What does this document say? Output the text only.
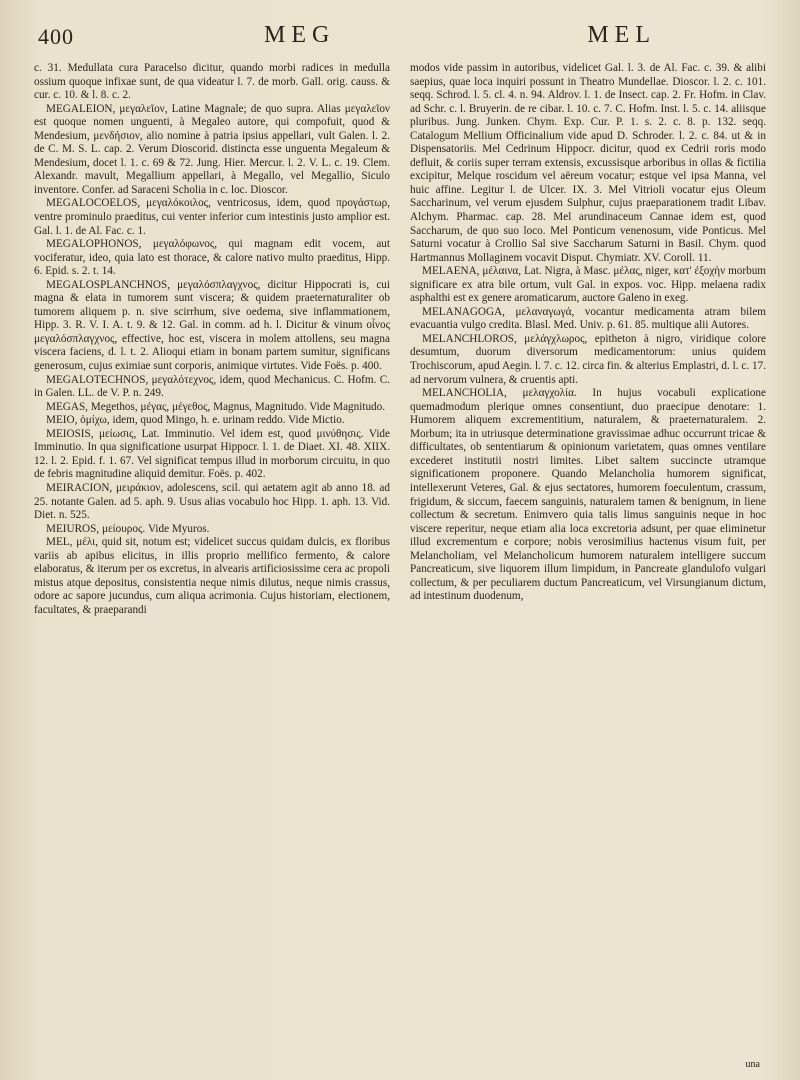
400	MEG	MEL

c. 31. Medullata cura Paracelso dicitur, quando morbi radices in medulla ossium quoque infixae sunt, de qua videatur l. 7. de morb. Gall. orig. causs. & cur. c. 10. & l. 8. c. 2.

MEGALEION, μεγαλεῖον, Latine Magnale; de quo supra. Alias μεγαλεῖον est quoque nomen unguenti, à Megaleo autore, qui compofuit, quod & Mendesium, μενδήσιον, alio nomine à patria ipsius appellari, vult Galen. l. 2. de C. M. S. L. cap. 2. Verum Dioscorid. distincta esse unguenta Megaleum & Mendesium, docet l. 1. c. 69 & 72. Jung. Hier. Mercur. l. 2. V. L. c. 19. Clem. Alexandr. mavult, Megallium appellari, à Megallo, vel Megallio, Siculo inventore. Confer. ad Saraceni Scholia in c. loc. Dioscor.

MEGALOCOELOS, μεγαλόκοιλος, ventricosus, idem, quod προγάστωρ, ventre prominulo praeditus, cui venter inferior cum intestinis justo amplior est. Gal. l. 1. de Al. Fac. c. 1.

MEGALOPHONOS, μεγαλόφωνος, qui magnam edit vocem, aut vociferatur, ideo, quia lato est thorace, & calore nativo multo praeditus, Hipp. 6. Epid. s. 2. t. 14.

MEGALOSPLANCHNOS, μεγαλόσπλαγχνος, dicitur Hippocrati is, cui magna & elata in tumorem sunt viscera; & quidem praeternaturaliter ob tumorem aliquem p. n. sive scirrhum, sive oedema, sive inflammationem, Hipp. 3. R. V. I. A. t. 9. & 12. Gal. in comm. ad h. l. Dicitur & vinum οἶνος μεγαλόσπλαγχνος, effective, hoc est, viscera in molem attollens, seu magna viscera faciens, d. l. t. 2. Alioqui etiam in bonam partem sumitur, significans generosum, cujus eximiae sunt corporis, animique virtutes. Vide Foës. p. 400.

MEGALOTECHNOS, μεγαλότεχνος, idem, quod Mechanicus. C. Hofm. C. in Galen. LL. de V. P. n. 249.

MEGAS, Megethos, μέγας, μέγεθος, Magnus, Magnitudo. Vide Magnitudo.

MEIO, ὀμίχω, idem, quod Mingo, h. e. urinam reddo. Vide Mictio.

MEIOSIS, μείωσις, Lat. Imminutio. Vel idem est, quod μινύθησις. Vide Imminutio. In qua significatione usurpat Hippocr. l. 1. de Diaet. XI. 48. XIIX. 12. l. 2. Epid. f. 1. 67. Vel significat tempus illud in morborum circuitu, in quo de febris magnitudine aliquid demitur. Foës. p. 402.

MEIRACION, μειράκιον, adolescens, scil. qui aetatem agit ab anno 18. ad 25. notante Galen. ad 5. aph. 9. Usus alias vocabulo hoc Hipp. 1. aph. 13. Vid. Diet. n. 525.

MEIUROS, μείουρος. Vide Myuros.

MEL, μέλι, quid sit, notum est; videlicet succus quidam dulcis, ex floribus variis ab apibus elicitus, in illis proprio mellifico fermento, & calore elaboratus, & iterum per os excretus, in alvearis artificiosissime cera ac propoli mistus atque depositus, consistentia neque nimis dilutus, neque nimis crassus, odore ac sapore jucundus, cum aliqua acrimonia. Cujus historiam, electionem, facultates, & praeparandi

modos vide passim in autoribus, videlicet Gal. l. 3. de Al. Fac. c. 39. & alibi saepius, quae loca inquiri possunt in Theatro Mundellae. Dioscor. l. 2. c. 101. seqq. Schrod. l. 5. cl. 4. n. 94. Aldrov. l. 1. de Insect. cap. 2. Fr. Hofm. in Clav. ad Schr. c. l. Bruyerin. de re cibar. l. 10. c. 7. C. Hofm. Inst. l. 5. c. 14. aliisque pluribus. Jung. Junken. Chym. Exp. Cur. P. 1. s. 2. c. 8. p. 132. seqq. Catalogum Mellium Officinalium vide apud D. Schroder. l. 2. c. 84. ut & in Dispensatoriis. Mel Cedrinum Hippocr. dicitur, quod ex Cedrii roris modo defluit, & coriis super terram extensis, excussisque arboribus in ollas & fictilia excipitur, Melque roscidum vel aëreum vocatur; estque vel ipsa Manna, vel huic affine. Legitur l. de Ulcer. IX. 3. Mel Vitrioli vocatur ejus Oleum Saccharinum, vel verum ejusdem Sulphur, cujus praeparationem tradit Libav. Alchym. Pharmac. cap. 28. Mel arundinaceum Cannae idem est, quod Saccharum, de quo suo loco. Mel Ponticum venenosum, vide Ponticus. Mel Saturni vocatur à Crollio Sal sive Saccharum Saturni in Basil. Chym. quod Hartmannus Mollaginem vocavit Disput. Chymiatr. XV. Coroll. 11.

MELAENA, μέλαινα, Lat. Nigra, à Masc. μέλας, niger, κατ' ἐξοχὴν morbum significare ex atra bile ortum, vult Gal. in expos. voc. Hipp. melaena radix asphalthi est ex genere aromaticarum, auctore Galeno in exeg.

MELANAGOGA, μελαναγωγά, vocantur medicamenta atram bilem evacuantia vulgo credita. Blasl. Med. Univ. p. 61. 85. multique alii Autores.

MELANCHLOROS, μελάγχλωρος, epitheton à nigro, viridique colore desumtum, duorum diversorum medicamentorum: unius quidem Trochiscorum, apud Aegin. l. 7. c. 12. circa fin. & alterius Emplastri, d. l. c. 17. ad nervorum vulnera, & cruentis apti.

MELANCHOLIA, μελαγχολία. In hujus vocabuli explicatione quemadmodum plerique omnes consentiunt, duo praecipue denotare: 1. Humorem aliquem excrementitium, naturalem, & praeternaturalem. 2. Morbum; ita in utriusque determinatione gravissimae adhuc occurrunt tricae & difficultates, ob sententiarum & opinionum varietatem, quas omnes ventilare excederet institutii nostri limites. Libet saltem succincte utramque significationem proponere. Quando Melancholia humorem significat, intellexerunt Veteres, Gal. & ejus sectatores, humorem foeculentum, crassum, frigidum, & siccum, faecem sanguinis, naturalem tamen & benignum, in liene collectum & secretum. Enimvero quia talis limus sanguinis neque in hoc viscere reperitur, neque etiam alia loca excretoria adsunt, per quae eliminetur illud excrementum e corpore; nobis verosimilius hactenus visum fuit, per Melancholiam, vel Melancholicum humorem naturalem intelligere succum Pancreaticum, sive liquorem illum limpidum, in Pancreate glandulofo vulgari collectum, & per peculiarem ductum Pancreaticum, vel Virsungianum dictum, ad intestinum duodenum,

una
